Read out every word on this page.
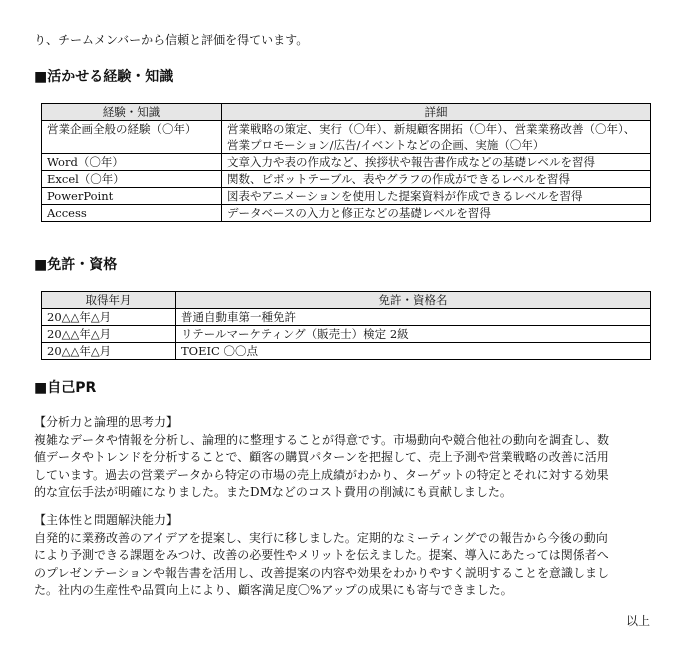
り、チームメンバーから信頼と評価を得ています。
■活かせる経験・知識
経験・知識	詳細
営業企画全般の経験（〇年）	営業戦略の策定、実行（〇年）、新規顧客開拓（〇年）、営業業務改善（〇年）、営業プロモーション/広告/イベントなどの企画、実施（〇年）
Word（〇年）	文章入力や表の作成など、挨拶状や報告書作成などの基礎レベルを習得
Excel（〇年）	関数、ピボットテーブル、表やグラフの作成ができるレベルを習得
PowerPoint	図表やアニメーションを使用した提案資料が作成できるレベルを習得
Access	データベースの入力と修正などの基礎レベルを習得
■免許・資格
取得年月	免許・資格名
20△△年△月	普通自動車第一種免許
20△△年△月	リテールマーケティング（販売士）検定 2級
20△△年△月	TOEIC 〇〇点
■自己PR
【分析力と論理的思考力】
複雑なデータや情報を分析し、論理的に整理することが得意です。市場動向や競合他社の動向を調査し、数
値データやトレンドを分析することで、顧客の購買パターンを把握して、売上予測や営業戦略の改善に活用
しています。過去の営業データから特定の市場の売上成績がわかり、ターゲットの特定とそれに対する効果
的な宣伝手法が明確になりました。またDMなどのコスト費用の削減にも貢献しました。
【主体性と問題解決能力】
自発的に業務改善のアイデアを提案し、実行に移しました。定期的なミーティングでの報告から今後の動向
により予測できる課題をみつけ、改善の必要性やメリットを伝えました。提案、導入にあたっては関係者へ
のプレゼンテーションや報告書を活用し、改善提案の内容や効果をわかりやすく説明することを意識しまし
た。社内の生産性や品質向上により、顧客満足度〇%アップの成果にも寄与できました。
以上
